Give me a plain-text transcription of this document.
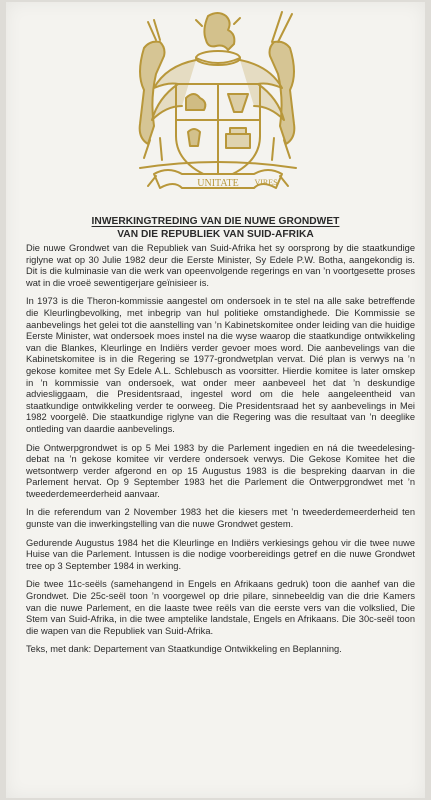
UNITATE VIRES
INWERKINGTREDING VAN DIE NUWE GRONDWET
VAN DIE REPUBLIEK VAN SUID-AFRIKA

Die nuwe Grondwet van die Republiek van Suid-Afrika het sy oorsprong by die staatkundige riglyne wat op 30 Julie 1982 deur die Eerste Minister, Sy Edele P.W. Botha, aangekondig is. Dit is die kulminasie van die werk van opeenvolgende regerings en van ’n voortgesette proses wat in die vroeë sewentigerjare geïnisieer is.

In 1973 is die Theron-kommissie aangestel om ondersoek in te stel na alle sake betreffende die Kleurlingbevolking, met inbegrip van hul politieke omstandighede. Die Kommissie se aanbevelings het gelei tot die aanstelling van ’n Kabinetskomitee onder leiding van die huidige Eerste Minister, wat ondersoek moes instel na die wyse waarop die staatkundige ontwikkeling van die Blankes, Kleurlinge en Indiërs verder gevoer moes word. Die aanbevelings van die Kabinetskomitee is in die Regering se 1977-grondwetplan vervat. Dié plan is verwys na ’n gekose komitee met Sy Edele A.L. Schlebusch as voorsitter. Hierdie komitee is later omskep in ’n kommissie van ondersoek, wat onder meer aanbeveel het dat ’n deskundige adviesliggaam, die Presidentsraad, ingestel word om die hele aangeleentheid van staatkundige ontwikkeling verder te oorweeg. Die Presidentsraad het sy aanbevelings in Mei 1982 voorgelê. Die staatkundige riglyne van die Regering was die resultaat van ’n deeglike ontleding van daardie aanbevelings.

Die Ontwerpgrondwet is op 5 Mei 1983 by die Parlement ingedien en ná die tweedelesing-debat na ’n gekose komitee vir verdere ondersoek verwys. Die Gekose Komitee het die wetsontwerp verder afgerond en op 15 Augustus 1983 is die bespreking daarvan in die Parlement hervat. Op 9 September 1983 het die Parlement die Ontwerpgrondwet met ’n tweederdemeerderheid aanvaar.

In die referendum van 2 November 1983 het die kiesers met ’n tweederdemeerderheid ten gunste van die inwerkingstelling van die nuwe Grondwet gestem.

Gedurende Augustus 1984 het die Kleurlinge en Indiërs verkiesings gehou vir die twee nuwe Huise van die Parlement. Intussen is die nodige voorbereidings getref en die nuwe Grondwet tree op 3 September 1984 in werking.

Die twee 11c-seëls (samehangend in Engels en Afrikaans gedruk) toon die aanhef van die Grondwet. Die 25c-seël toon ’n voorgewel op drie pilare, sinnebeeldig van die drie Kamers van die nuwe Parlement, en die laaste twee reëls van die eerste vers van die volkslied, Die Stem van Suid-Afrika, in die twee amptelike landstale, Engels en Afrikaans. Die 30c-seël toon die wapen van die Republiek van Suid-Afrika.

Teks, met dank: Departement van Staatkundige Ontwikkeling en Beplanning.
